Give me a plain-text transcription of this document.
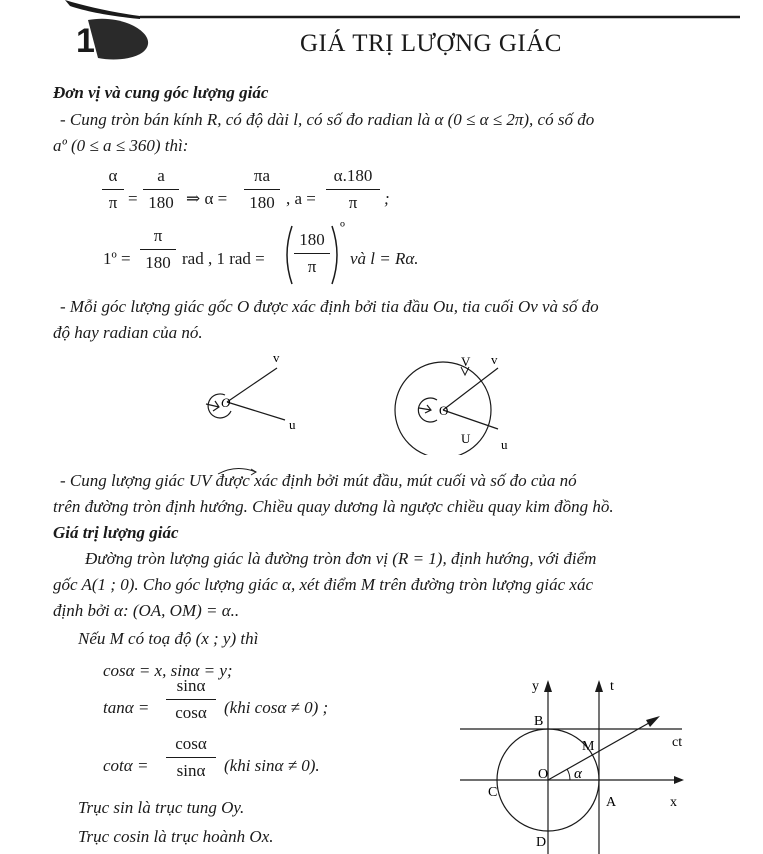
1	GIÁ TRỊ LƯỢNG GIÁC
Đơn vị và cung góc lượng giác
- Cung tròn bán kính R, có độ dài l, có số đo radian là α (0 ≤ α ≤ 2π), có số đo
aº (0 ≤ a ≤ 360) thì:
α
π =
a
180 ⇒ α =
πa
180 , a =
α.180
π	;
1º =
π
180 rad , 1 rad =
180
π
º
và l = Rα.
- Mỗi góc lượng giác gốc O được xác định bởi tia đầu Ou, tia cuối Ov và số đo
độ hay radian của nó.
v
u
O
V v
O
U u
- Cung lượng giác UV được xác định bởi mút đầu, mút cuối và số đo của nó
trên đường tròn định hướng. Chiều quay dương là ngược chiều quay kim đồng hồ.
Giá trị lượng giác
Đường tròn lượng giác là đường tròn đơn vị (R = 1), định hướng, với điểm
gốc A(1 ; 0). Cho góc lượng giác α, xét điểm M trên đường tròn lượng giác xác
định bởi α: (OA, OM) = α..
Nếu M có toạ độ (x ; y) thì
cosα = x, sinα = y;
tanα =
sinα
cosα	(khi cosα ≠ 0) ;
cotα =
cosα
sinα	(khi sinα ≠ 0).
Trục sin là trục tung Oy.
Trục cosin là trục hoành Ox.
y	t
B
ct
M
O α
C
A	x
D
